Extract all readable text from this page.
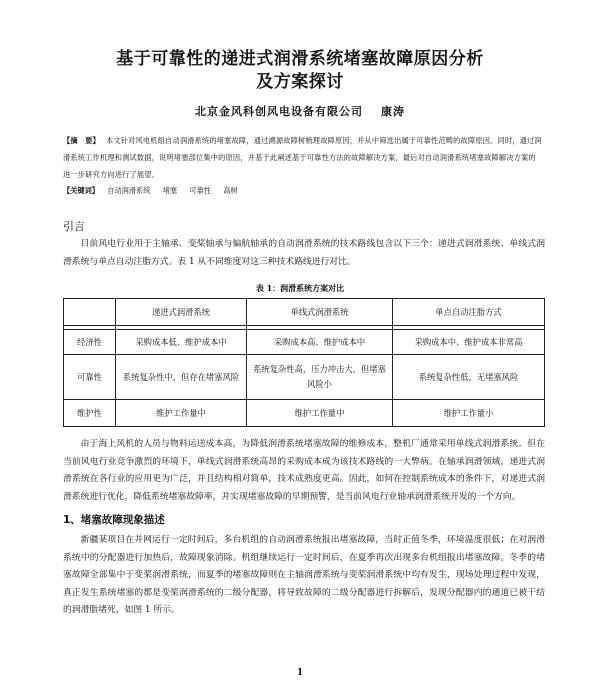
基于可靠性的递进式润滑系统堵塞故障原因分析
及方案探讨
北京金风科创风电设备有限公司 康涛
【摘　要】 本文针对风电机组自动润滑系统的堵塞故障，通过溯源故障树梳理故障原因，并从中筛选出属于可靠性范畴的故障原因。同时，通过润滑系统工作机理和测试数据，说明堵塞部位集中的原因，并基于此阐述基于可靠性方法的故障解决方案，最后对自动润滑系统堵塞故障解决方案的进一步研究方向进行了展望。
【关键词】 自动润滑系统 堵塞 可靠性 高树
引言
目前风电行业用于主轴承、变桨轴承与偏航轴承的自动润滑系统的技术路线包含以下三个：递进式润滑系统、单线式润滑系统与单点自动注脂方式。表 1 从不同维度对这三种技术路线进行对比。
表 1：润滑系统方案对比
	递进式润滑系统	单线式润滑系统	单点自动注脂方式

经济性	采购成本低、维护成本中	采购成本高、维护成本中	采购成本中、维护成本非常高
可靠性	系统复杂性中，但存在堵塞风险	系统复杂性高，压力冲击大，但堵塞风险小	系统复杂性低，无堵塞风险
维护性	维护工作量中	维护工作量中	维护工作量小
由于海上风机的人员与物料运送成本高，为降低润滑系统堵塞故障的维修成本，整机厂通常采用单线式润滑系统。但在当前风电行业竞争激烈的环境下，单线式润滑系统高昂的采购成本成为该技术路线的一大弊病。在轴承润滑领域，递进式润滑系统在各行业的应用更为广泛，并且结构相对简单，技术成熟度更高。因此，如何在控制系统成本的条件下，对递进式润滑系统进行优化，降低系统堵塞故障率，并实现堵塞故障的早期预警，是当前风电行业轴承润滑系统开发的一个方向。
1、堵塞故障现象描述
新疆某项目在并网运行一定时间后，多台机组的自动润滑系统报出堵塞故障，当时正值冬季，环境温度很低；在对润滑系统中的分配器进行加热后，故障现象消除。机组继续运行一定时间后，在夏季再次出现多台机组报出堵塞故障。冬季的堵塞故障全部集中于变桨润滑系统，而夏季的堵塞故障则在主轴润滑系统与变桨润滑系统中均有发生，现场处理过程中发现，真正发生系统堵塞的都是变桨润滑系统的二级分配器，将导致故障的二级分配器进行拆解后，发现分配器内的通道已被干结的润滑脂堵死，如图 1 所示。
1
